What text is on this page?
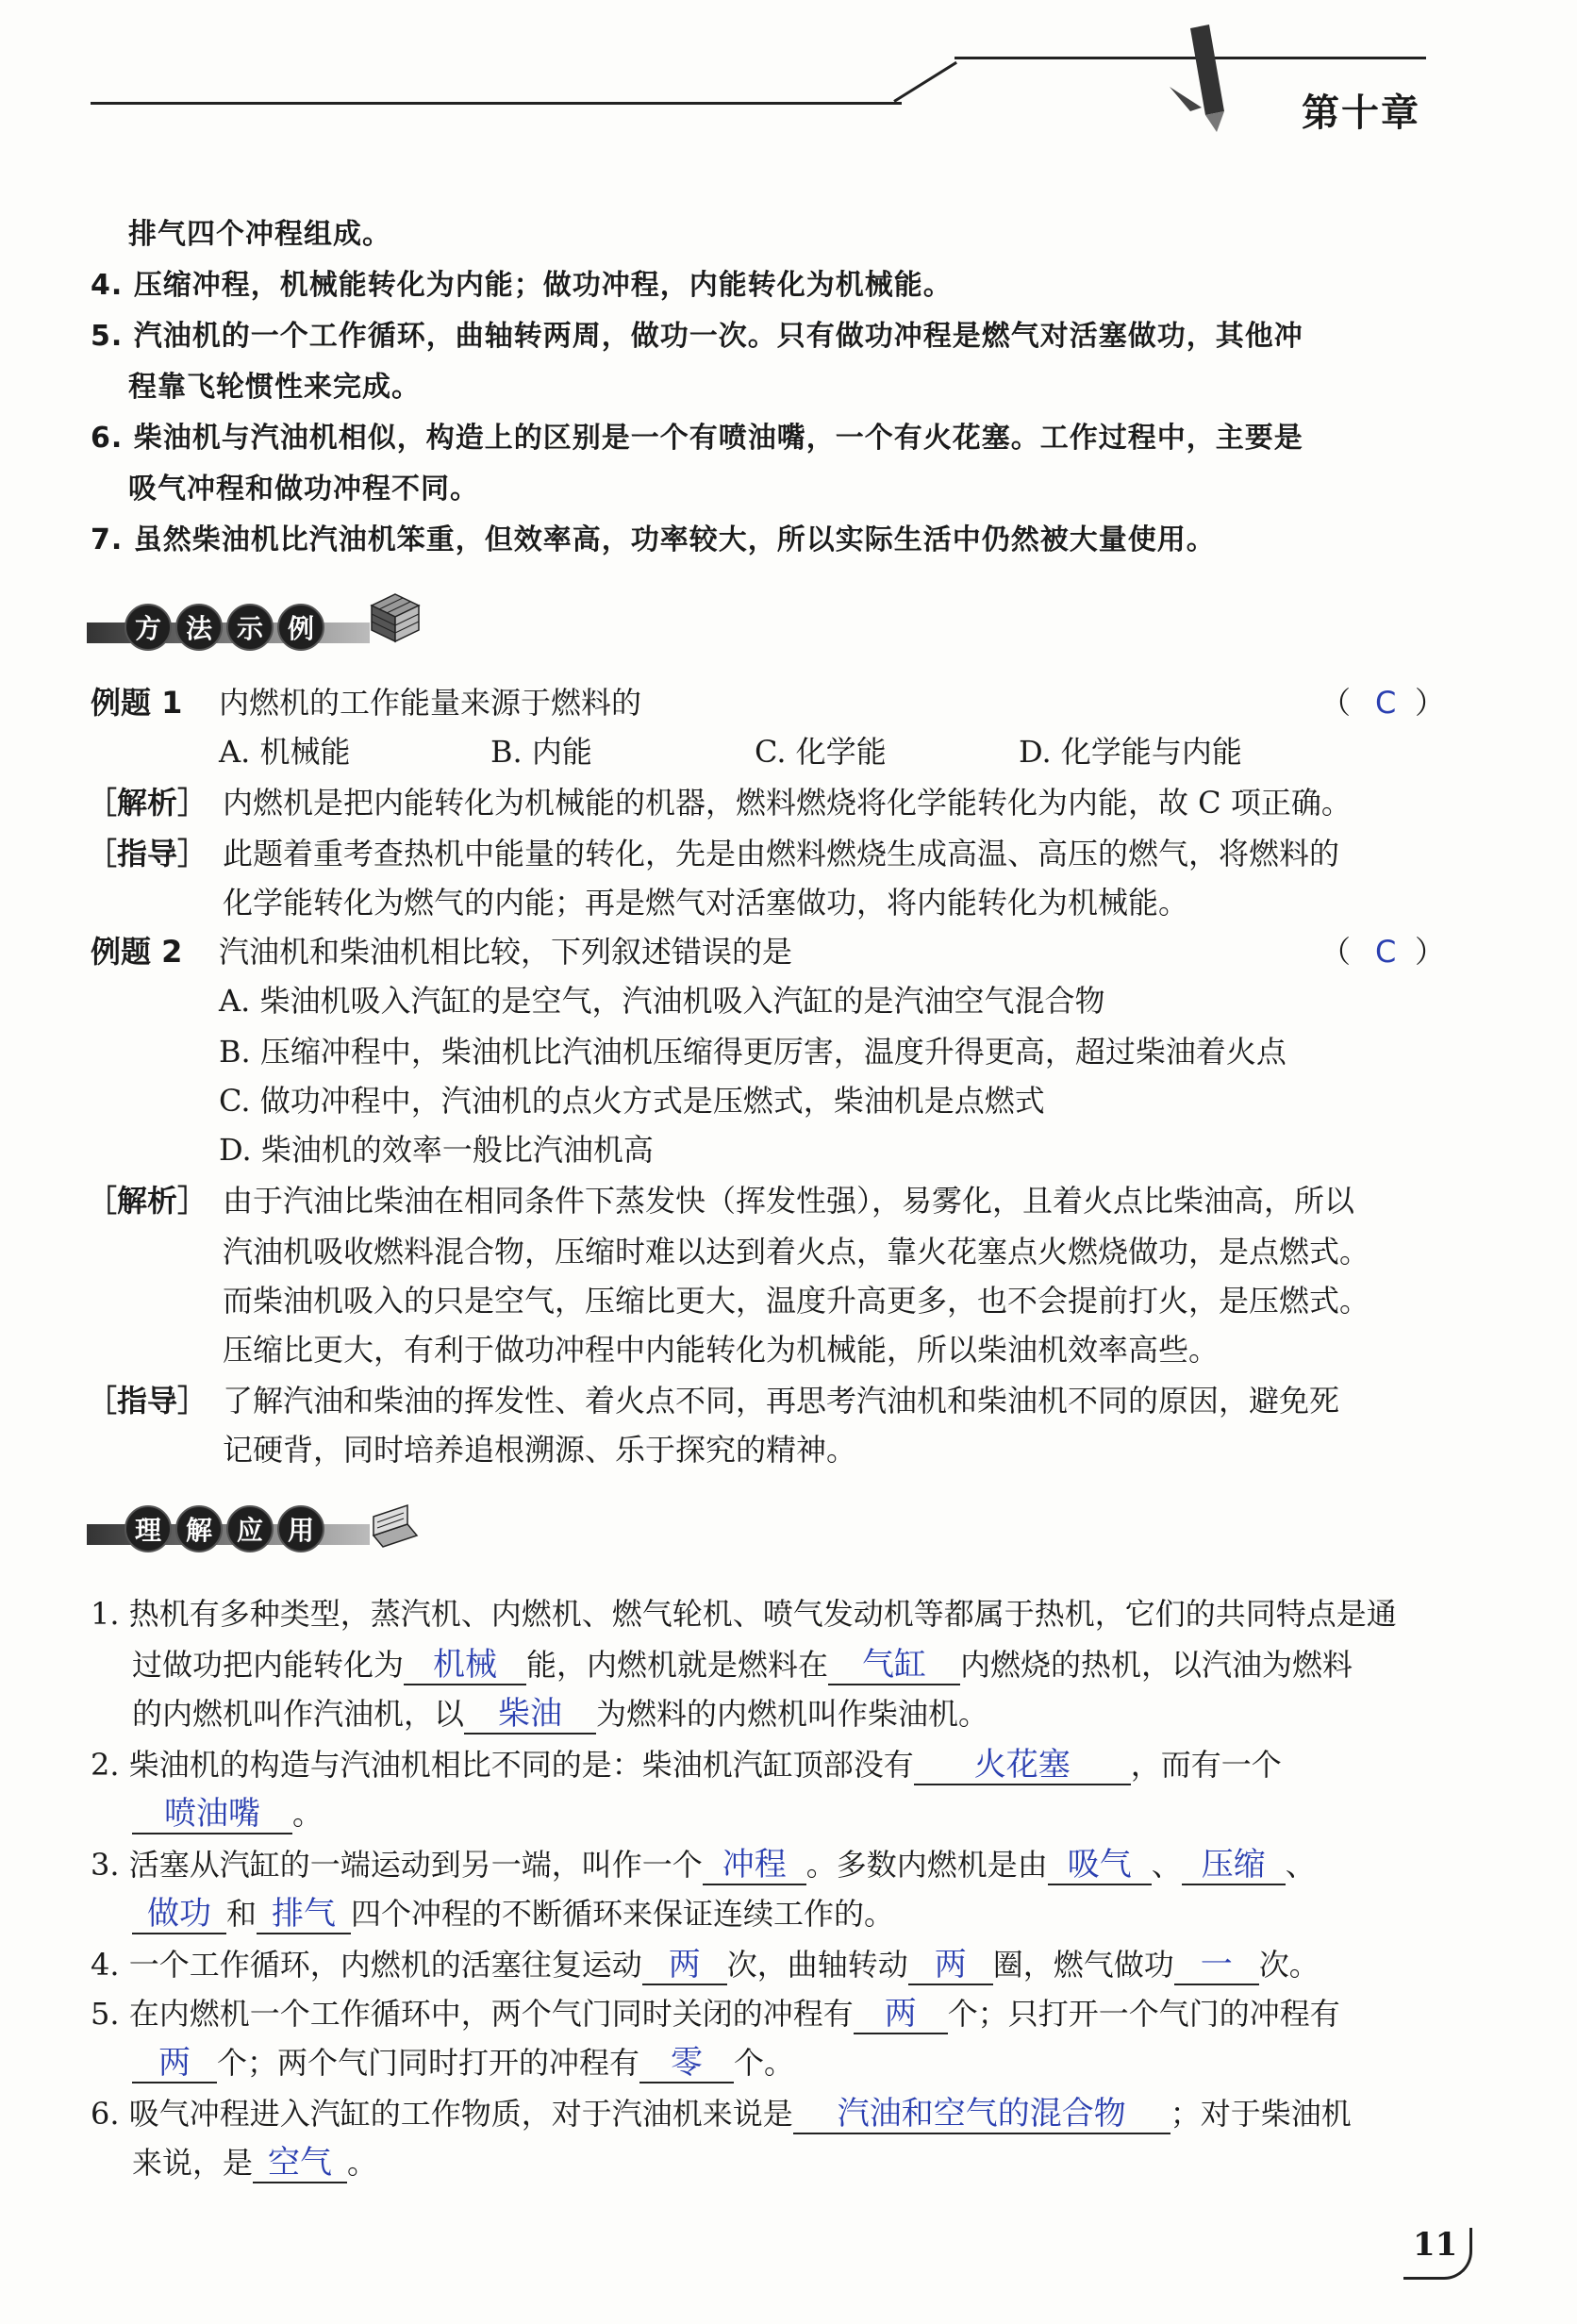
第十章
排气四个冲程组成。
4. 压缩冲程，机械能转化为内能；做功冲程，内能转化为机械能。
5. 汽油机的一个工作循环，曲轴转两周，做功一次。只有做功冲程是燃气对活塞做功，其他冲

程靠飞轮惯性来完成。
6. 柴油机与汽油机相似，构造上的区别是一个有喷油嘴，一个有火花塞。工作过程中，主要是

吸气冲程和做功冲程不同。
7. 虽然柴油机比汽油机笨重，但效率高，功率较大，所以实际生活中仍然被大量使用。
方 法 示 例
例题 1 内燃机的工作能量来源于燃料的	（ C ）
A. 机械能	B. 内能	C. 化学能	D. 化学能与内能
［解析］ 内燃机是把内能转化为机械能的机器，燃料燃烧将化学能转化为内能，故 C 项正确。
［指导］ 此题着重考查热机中能量的转化，先是由燃料燃烧生成高温、高压的燃气，将燃料的
化学能转化为燃气的内能；再是燃气对活塞做功，将内能转化为机械能。
例题 2 汽油机和柴油机相比较，下列叙述错误的是	（ C ）
A. 柴油机吸入汽缸的是空气，汽油机吸入汽缸的是汽油空气混合物
B. 压缩冲程中，柴油机比汽油机压缩得更厉害，温度升得更高，超过柴油着火点
C. 做功冲程中，汽油机的点火方式是压燃式，柴油机是点燃式
D. 柴油机的效率一般比汽油机高
［解析］ 由于汽油比柴油在相同条件下蒸发快（挥发性强），易雾化，且着火点比柴油高，所以
汽油机吸收燃料混合物，压缩时难以达到着火点，靠火花塞点火燃烧做功，是点燃式。
而柴油机吸入的只是空气，压缩比更大，温度升高更多，也不会提前打火，是压燃式。
压缩比更大，有利于做功冲程中内能转化为机械能，所以柴油机效率高些。
［指导］ 了解汽油和柴油的挥发性、着火点不同，再思考汽油机和柴油机不同的原因，避免死
记硬背，同时培养追根溯源、乐于探究的精神。
理 解 应 用
1. 热机有多种类型，蒸汽机、内燃机、燃气轮机、喷气发动机等都属于热机，它们的共同特点是通
过做功把内能转化为 机械 能，内燃机就是燃料在 气缸 内燃烧的热机，以汽油为燃料
的内燃机叫作汽油机，以 柴油 为燃料的内燃机叫作柴油机。
2. 柴油机的构造与汽油机相比不同的是：柴油机汽缸顶部没有 火花塞 ，而有一个
喷油嘴 。
3. 活塞从汽缸的一端运动到另一端，叫作一个 冲程 。多数内燃机是由 吸气 、 压缩 、
做功 和 排气 四个冲程的不断循环来保证连续工作的。
4. 一个工作循环，内燃机的活塞往复运动 两 次，曲轴转动 两 圈，燃气做功 一 次。
5. 在内燃机一个工作循环中，两个气门同时关闭的冲程有 两 个；只打开一个气门的冲程有
两 个；两个气门同时打开的冲程有 零 个。
6. 吸气冲程进入汽缸的工作物质，对于汽油机来说是 汽油和空气的混合物 ；对于柴油机
来说，是 空气 。
11
